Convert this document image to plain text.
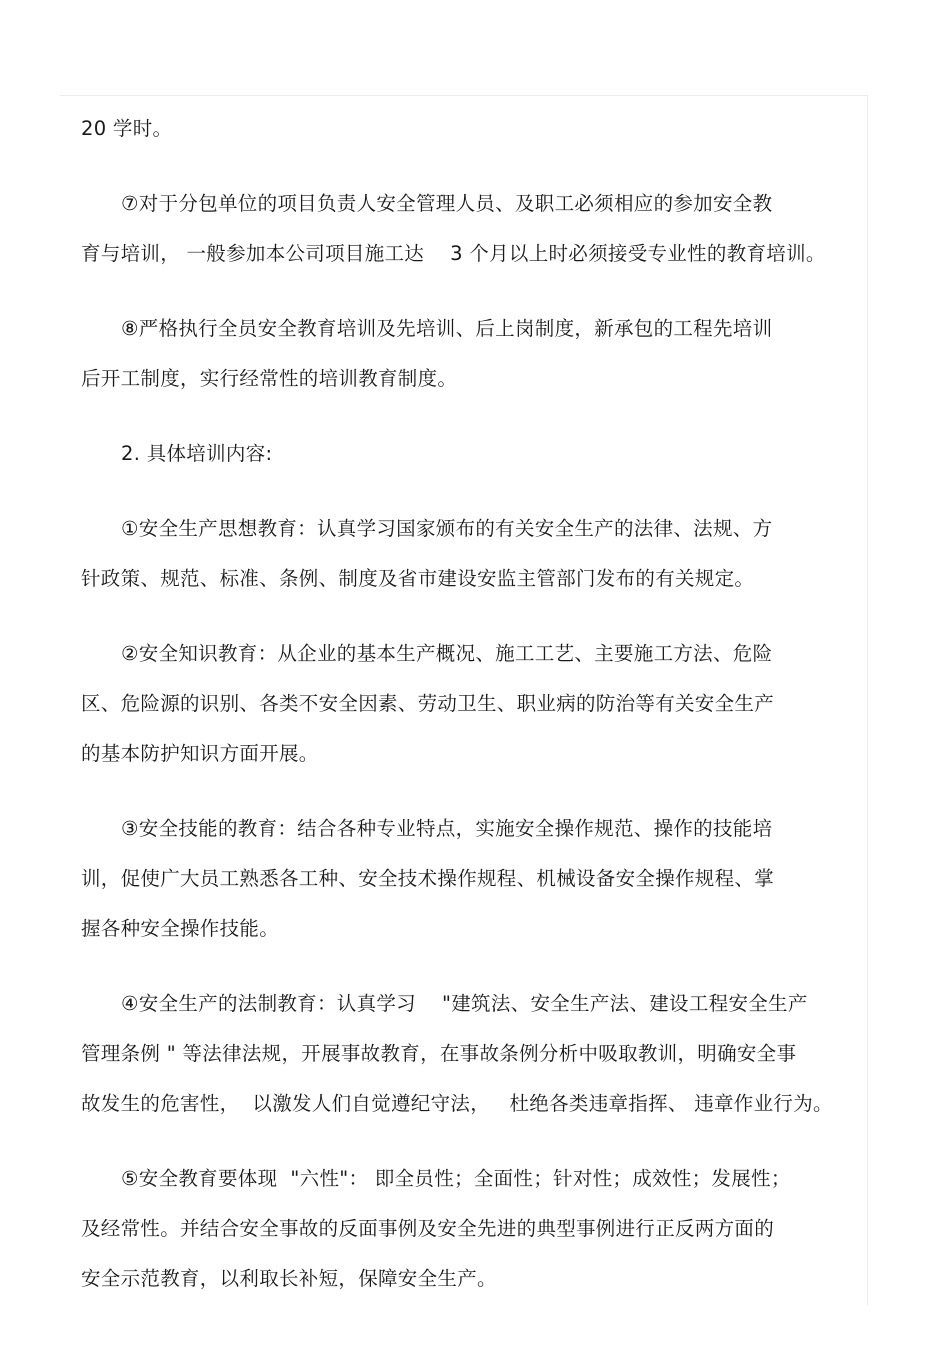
20 学时。

⑦对于分包单位的项目负责人安全管理人员、及职工必须相应的参加安全教
育与培训， 一般参加本公司项目施工达    3 个月以上时必须接受专业性的教育培训。

⑧严格执行全员安全教育培训及先培训、后上岗制度，新承包的工程先培训
后开工制度，实行经常性的培训教育制度。

2. 具体培训内容:

①安全生产思想教育：认真学习国家颁布的有关安全生产的法律、法规、方
针政策、规范、标准、条例、制度及省市建设安监主管部门发布的有关规定。

②安全知识教育：从企业的基本生产概况、施工工艺、主要施工方法、危险
区、危险源的识别、各类不安全因素、劳动卫生、职业病的防治等有关安全生产
的基本防护知识方面开展。

③安全技能的教育：结合各种专业特点，实施安全操作规范、操作的技能培
训，促使广大员工熟悉各工种、安全技术操作规程、机械设备安全操作规程、掌
握各种安全操作技能。

④安全生产的法制教育：认真学习    "建筑法、安全生产法、建设工程安全生产
管理条例 " 等法律法规，开展事故教育，在事故条例分析中吸取教训，明确安全事
故发生的危害性，  以激发人们自觉遵纪守法，   杜绝各类违章指挥、 违章作业行为。

⑤安全教育要体现  "六性"： 即全员性；全面性；针对性；成效性；发展性；
及经常性。并结合安全事故的反面事例及安全先进的典型事例进行正反两方面的
安全示范教育，以利取长补短，保障安全生产。
